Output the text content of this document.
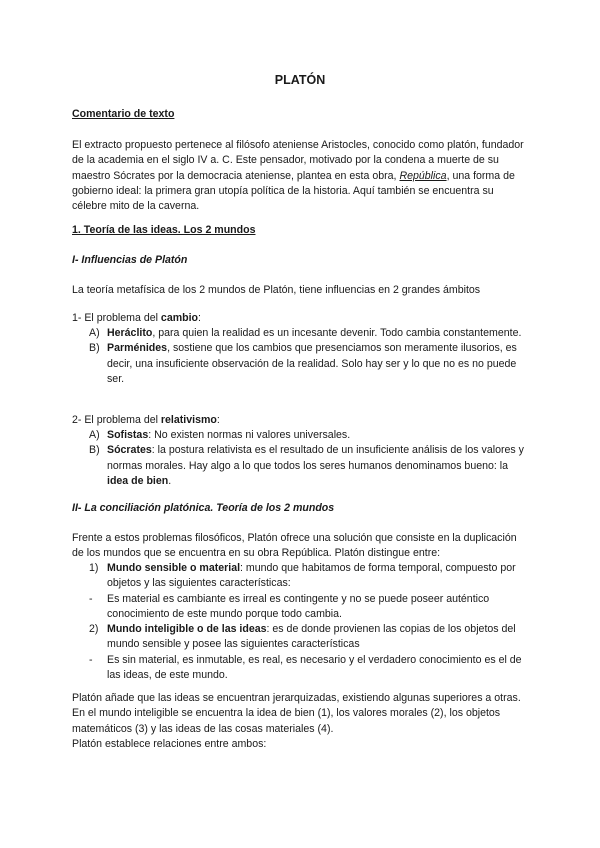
PLATÓN

Comentario de texto

El extracto propuesto pertenece al filósofo ateniense Aristocles, conocido como platón, fundador de la academia en el siglo IV a. C. Este pensador, motivado por la condena a muerte de su maestro Sócrates por la democracia ateniense, plantea en esta obra, República, una forma de gobierno ideal: la primera gran utopía política de la historia. Aquí también se encuentra su célebre mito de la caverna.

1. Teoría de las ideas. Los 2 mundos

I- Influencias de Platón

La teoría metafísica de los 2 mundos de Platón, tiene influencias en 2 grandes ámbitos

1- El problema del cambio:

A) Heráclito, para quien la realidad es un incesante devenir. Todo cambia constantemente.
B) Parménides, sostiene que los cambios que presenciamos son meramente ilusorios, es decir, una insuficiente observación de la realidad. Solo hay ser y lo que no es no puede ser.

2- El problema del relativismo:

A) Sofistas: No existen normas ni valores universales.
B) Sócrates: la postura relativista es el resultado de un insuficiente análisis de los valores y normas morales. Hay algo a lo que todos los seres humanos denominamos bueno: la idea de bien.

II- La conciliación platónica. Teoría de los 2 mundos

Frente a estos problemas filosóficos, Platón ofrece una solución que consiste en la duplicación de los mundos que se encuentra en su obra República. Platón distingue entre:

1) Mundo sensible o material: mundo que habitamos de forma temporal, compuesto por objetos y las siguientes características:
- Es material es cambiante es irreal es contingente y no se puede poseer auténtico conocimiento de este mundo porque todo cambia.
2) Mundo inteligible o de las ideas: es de donde provienen las copias de los objetos del mundo sensible y posee las siguientes características
- Es sin material, es inmutable, es real, es necesario y el verdadero conocimiento es el de las ideas, de este mundo.

Platón añade que las ideas se encuentran jerarquizadas, existiendo algunas superiores a otras. En el mundo inteligible se encuentra la idea de bien (1), los valores morales (2), los objetos matemáticos (3) y las ideas de las cosas materiales (4).

Platón establece relaciones entre ambos:
